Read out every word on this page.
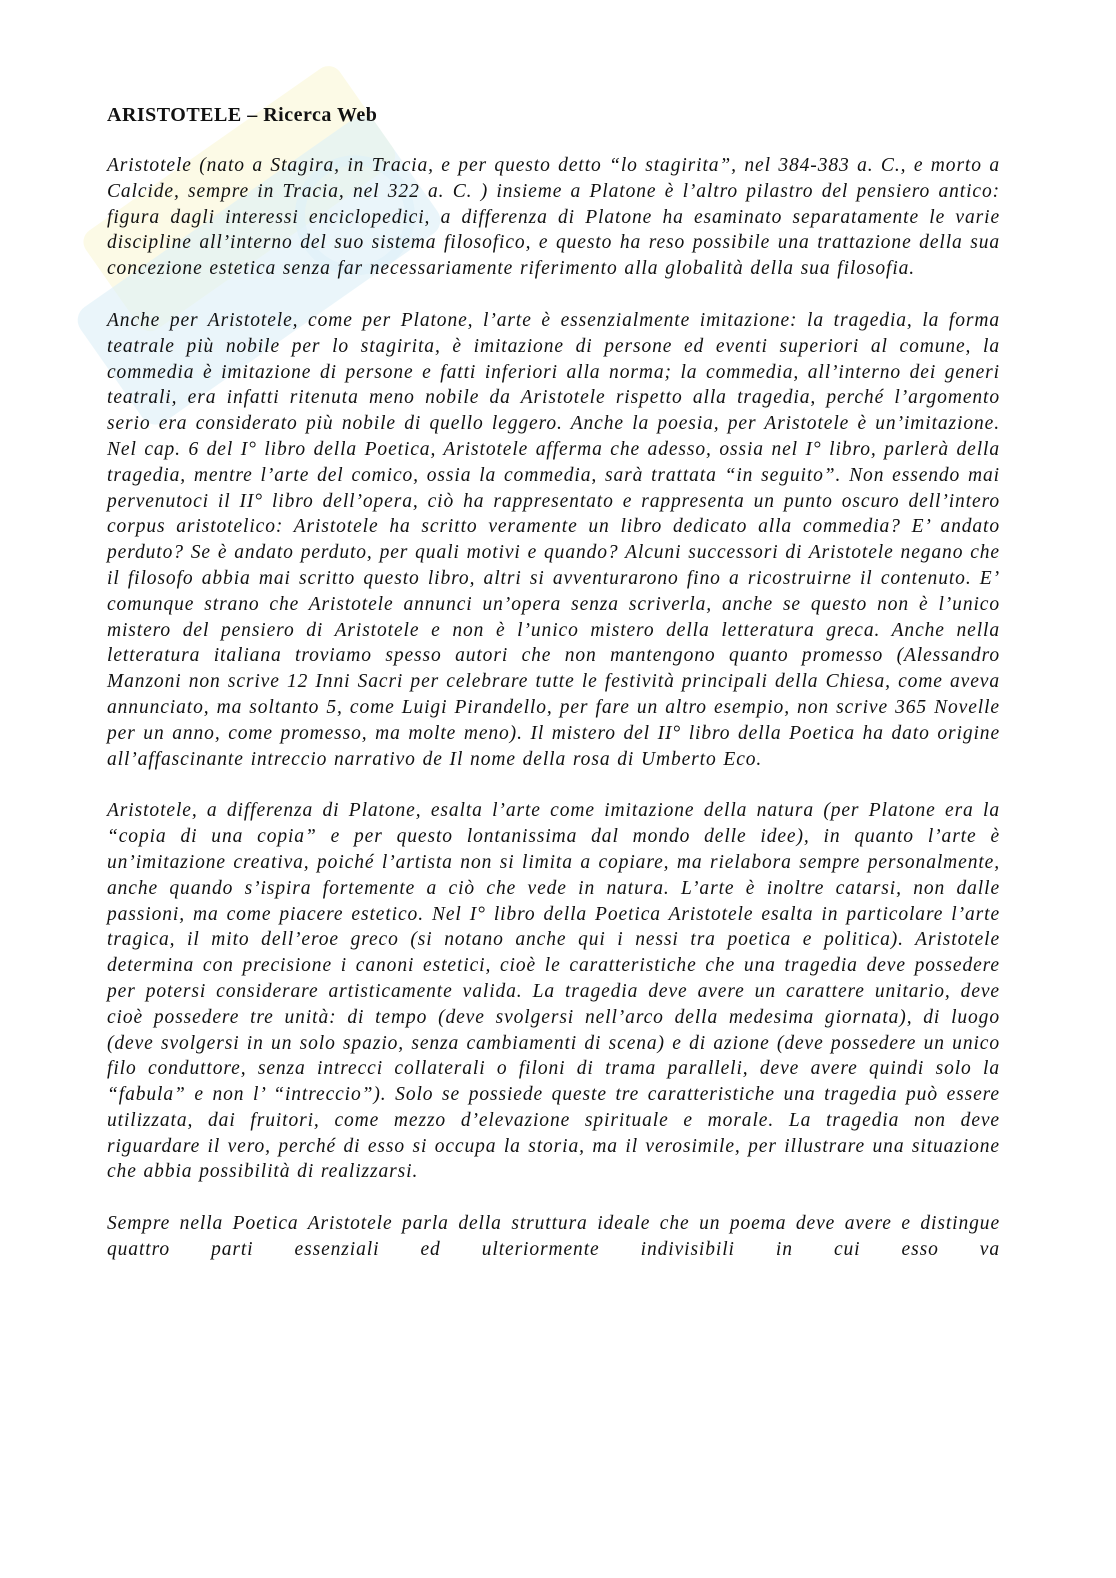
ARISTOTELE – Ricerca Web

Aristotele (nato a Stagira, in Tracia, e per questo detto “lo stagirita”, nel 384-383 a. C., e morto a Calcide, sempre in Tracia, nel 322 a. C. ) insieme a Platone è l’altro pilastro del pensiero antico: figura dagli interessi enciclopedici, a differenza di Platone ha esaminato separatamente le varie discipline all’interno del suo sistema filosofico, e questo ha reso possibile una trattazione della sua concezione estetica senza far necessariamente riferimento alla globalità della sua filosofia.

Anche per Aristotele, come per Platone, l’arte è essenzialmente imitazione: la tragedia, la forma teatrale più nobile per lo stagirita, è imitazione di persone ed eventi superiori al comune, la commedia è imitazione di persone e fatti inferiori alla norma; la commedia, all’interno dei generi teatrali, era infatti ritenuta meno nobile da Aristotele rispetto alla tragedia, perché l’argomento serio era considerato più nobile di quello leggero. Anche la poesia, per Aristotele è un’imitazione. Nel cap. 6 del I° libro della Poetica, Aristotele afferma che adesso, ossia nel I° libro, parlerà della tragedia, mentre l’arte del comico, ossia la commedia, sarà trattata “in seguito”. Non essendo mai pervenutoci il II° libro dell’opera, ciò ha rappresentato e rappresenta un punto oscuro dell’intero corpus aristotelico: Aristotele ha scritto veramente un libro dedicato alla commedia? E’ andato perduto? Se è andato perduto, per quali motivi e quando? Alcuni successori di Aristotele negano che il filosofo abbia mai scritto questo libro, altri si avventurarono fino a ricostruirne il contenuto. E’ comunque strano che Aristotele annunci un’opera senza scriverla, anche se questo non è l’unico mistero del pensiero di Aristotele e non è l’unico mistero della letteratura greca. Anche nella letteratura italiana troviamo spesso autori che non mantengono quanto promesso (Alessandro Manzoni non scrive 12 Inni Sacri per celebrare tutte le festività principali della Chiesa, come aveva annunciato, ma soltanto 5, come Luigi Pirandello, per fare un altro esempio, non scrive 365 Novelle per un anno, come promesso, ma molte meno). Il mistero del II° libro della Poetica ha dato origine all’affascinante intreccio narrativo de Il nome della rosa di Umberto Eco.

Aristotele, a differenza di Platone, esalta l’arte come imitazione della natura (per Platone era la “copia di una copia” e per questo lontanissima dal mondo delle idee), in quanto l’arte è un’imitazione creativa, poiché l’artista non si limita a copiare, ma rielabora sempre personalmente, anche quando s’ispira fortemente a ciò che vede in natura. L’arte è inoltre catarsi, non dalle passioni, ma come piacere estetico. Nel I° libro della Poetica Aristotele esalta in particolare l’arte tragica, il mito dell’eroe greco (si notano anche qui i nessi tra poetica e politica). Aristotele determina con precisione i canoni estetici, cioè le caratteristiche che una tragedia deve possedere per potersi considerare artisticamente valida. La tragedia deve avere un carattere unitario, deve cioè possedere tre unità: di tempo (deve svolgersi nell’arco della medesima giornata), di luogo (deve svolgersi in un solo spazio, senza cambiamenti di scena) e di azione (deve possedere un unico filo conduttore, senza intrecci collaterali o filoni di trama paralleli, deve avere quindi solo la “fabula” e non l’ “intreccio”). Solo se possiede queste tre caratteristiche una tragedia può essere utilizzata, dai fruitori, come mezzo d’elevazione spirituale e morale. La tragedia non deve riguardare il vero, perché di esso si occupa la storia, ma il verosimile, per illustrare una situazione che abbia possibilità di realizzarsi.

Sempre nella Poetica Aristotele parla della struttura ideale che un poema deve avere e distingue quattro parti essenziali ed ulteriormente indivisibili in cui esso va
